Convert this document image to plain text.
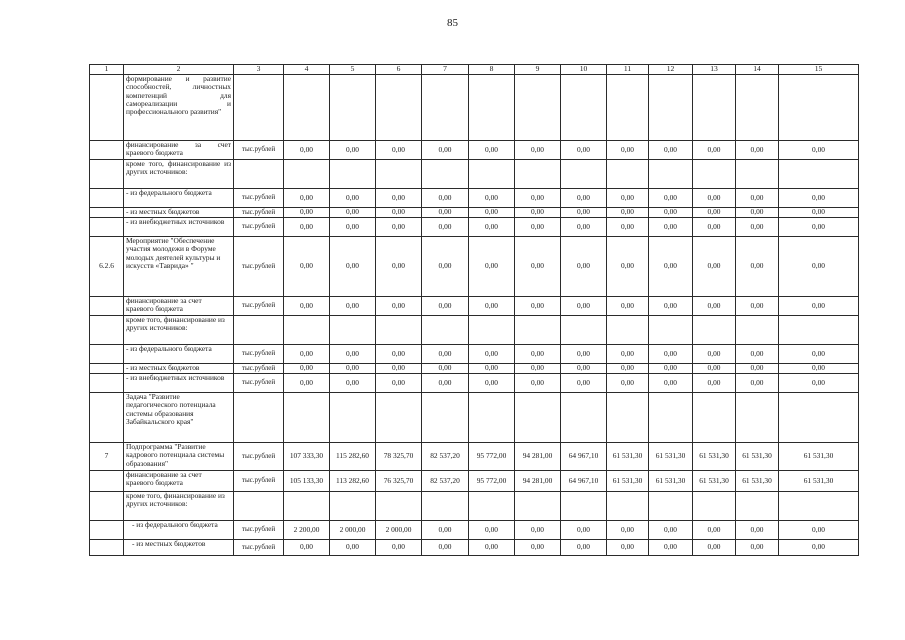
85
1	2	3	4	5	6	7	8	9	10	11	12	13	14	15
	формирование и развитие способностей, личностных компетенций для самореализации и профессионального развития"													
	финансирование за счет краевого бюджета	тыс.рублей	0,00	0,00	0,00	0,00	0,00	0,00	0,00	0,00	0,00	0,00	0,00	0,00
	кроме того, финансирование из других источников:													
	- из федерального бюджета	тыс.рублей	0,00	0,00	0,00	0,00	0,00	0,00	0,00	0,00	0,00	0,00	0,00	0,00
	- из местных бюджетов	тыс.рублей	0,00	0,00	0,00	0,00	0,00	0,00	0,00	0,00	0,00	0,00	0,00	0,00
	- из внебюджетных источников	тыс.рублей	0,00	0,00	0,00	0,00	0,00	0,00	0,00	0,00	0,00	0,00	0,00	0,00
6.2.6	Мероприятие "Обеспечение участия молодежи в Форуме молодых деятелей культуры и искусств «Таврида» "	тыс.рублей	0,00	0,00	0,00	0,00	0,00	0,00	0,00	0,00	0,00	0,00	0,00	0,00
	финансирование за счет краевого бюджета	тыс.рублей	0,00	0,00	0,00	0,00	0,00	0,00	0,00	0,00	0,00	0,00	0,00	0,00
	кроме того, финансирование из других источников:													
	- из федерального бюджета	тыс.рублей	0,00	0,00	0,00	0,00	0,00	0,00	0,00	0,00	0,00	0,00	0,00	0,00
	- из местных бюджетов	тыс.рублей	0,00	0,00	0,00	0,00	0,00	0,00	0,00	0,00	0,00	0,00	0,00	0,00
	- из внебюджетных источников	тыс.рублей	0,00	0,00	0,00	0,00	0,00	0,00	0,00	0,00	0,00	0,00	0,00	0,00
	Задача "Развитие педагогического потенциала системы образования Забайкальского края"													
7	Подпрограмма "Развитие кадрового потенциала системы образования"	тыс.рублей	107 333,30	115 282,60	78 325,70	82 537,20	95 772,00	94 281,00	64 967,10	61 531,30	61 531,30	61 531,30	61 531,30	61 531,30
	финансирование за счет краевого бюджета	тыс.рублей	105 133,30	113 282,60	76 325,70	82 537,20	95 772,00	94 281,00	64 967,10	61 531,30	61 531,30	61 531,30	61 531,30	61 531,30
	кроме того, финансирование из других источников:													
	- из федерального бюджета	тыс.рублей	2 200,00	2 000,00	2 000,00	0,00	0,00	0,00	0,00	0,00	0,00	0,00	0,00	0,00
	- из местных бюджетов	тыс.рублей	0,00	0,00	0,00	0,00	0,00	0,00	0,00	0,00	0,00	0,00	0,00	0,00
